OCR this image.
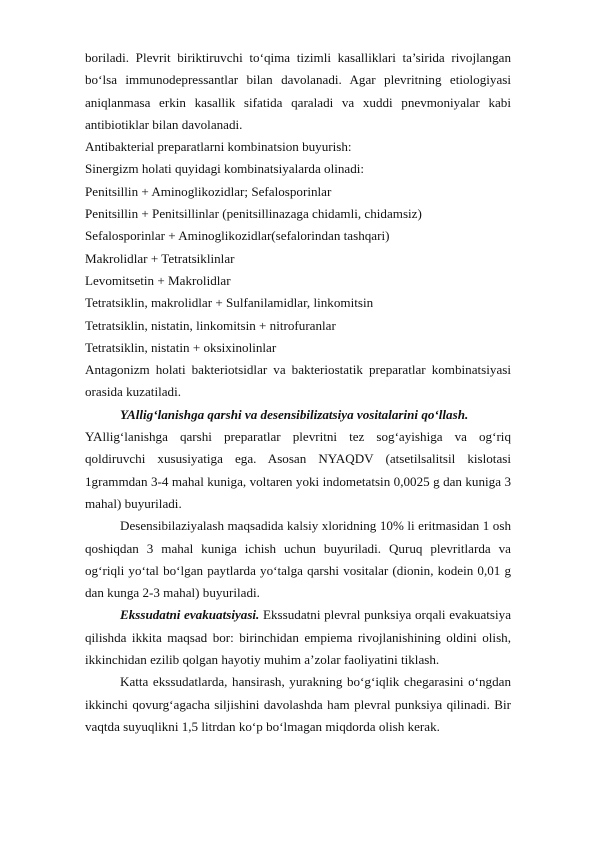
boriladi. Plevrit biriktiruvchi to‘qima tizimli kasalliklari ta’sirida rivojlangan bo‘lsa immunodepressantlar bilan davolanadi. Agar plevritning etiologiyasi aniqlanmasa erkin kasallik sifatida qaraladi va xuddi pnevmoniyalar kabi antibiotiklar bilan davolanadi.

Antibakterial preparatlarni kombinatsion buyurish:
Sinergizm holati quyidagi kombinatsiyalarda olinadi:
Penitsillin + Aminoglikozidlar; Sefalosporinlar
Penitsillin + Penitsillinlar (penitsillinazaga chidamli, chidamsiz)
Sefalosporinlar + Aminoglikozidlar(sefalorindan tashqari)
Makrolidlar + Tetratsiklinlar
Levomitsetin + Makrolidlar
Tetratsiklin, makrolidlar + Sulfanilamidlar, linkomitsin
Tetratsiklin, nistatin, linkomitsin + nitrofuranlar
Tetratsiklin, nistatin + oksixinolinlar

Antagonizm holati bakteriotsidlar va bakteriostatik preparatlar kombinatsiyasi orasida kuzatiladi.

YAllig‘lanishga qarshi va desensibilizatsiya vositalarini qo‘llash.

YAllig‘lanishga qarshi preparatlar plevritni tez sog‘ayishiga va og‘riq qoldiruvchi xususiyatiga ega. Asosan NYAQDV (atsetilsalitsil kislotasi 1grammdan 3-4 mahal kuniga, voltaren yoki indometatsin 0,0025 g dan kuniga 3 mahal) buyuriladi.

Desensibilaziyalash maqsadida kalsiy xloridning 10% li eritmasidan 1 osh qoshiqdan 3 mahal kuniga ichish uchun buyuriladi. Quruq plevritlarda va og‘riqli yo‘tal bo‘lgan paytlarda yo‘talga qarshi vositalar (dionin, kodein 0,01 g dan kunga 2-3 mahal) buyuriladi.

Ekssudatni evakuatsiyasi. Ekssudatni plevral punksiya orqali evakuatsiya qilishda ikkita maqsad bor: birinchidan empiema rivojlanishining oldini olish, ikkinchidan ezilib qolgan hayotiy muhim a’zolar faoliyatini tiklash.

Katta ekssudatlarda, hansirash, yurakning bo‘g‘iqlik chegarasini o‘ngdan ikkinchi qovurg‘agacha siljishini davolashda ham plevral punksiya qilinadi. Bir vaqtda suyuqlikni 1,5 litrdan ko‘p bo‘lmagan miqdorda olish kerak.
